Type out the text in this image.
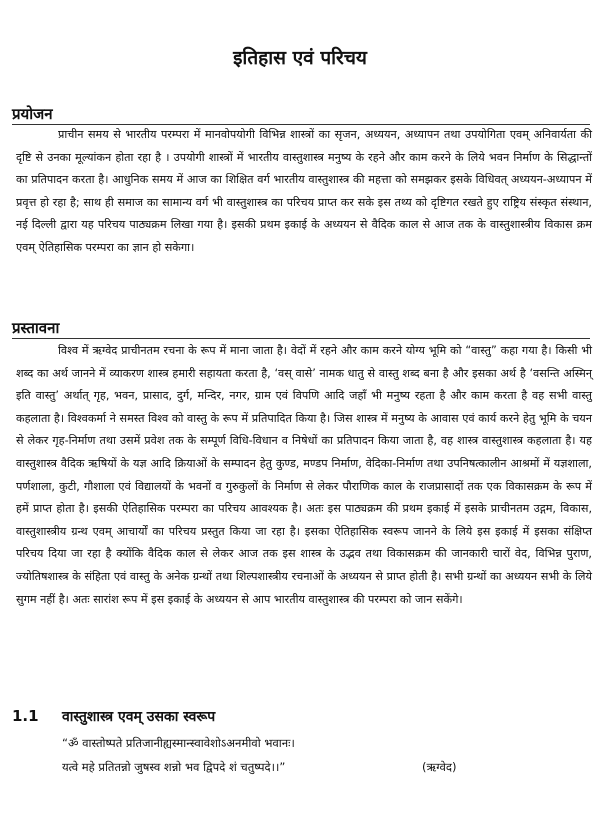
इतिहास एवं परिचय
प्रयोजन

प्राचीन समय से भारतीय परम्परा में मानवोपयोगी विभिन्न शास्त्रों का सृजन, अध्ययन, अध्यापन तथा उपयोगिता एवम् अनिवार्यता की दृष्टि से उनका मूल्यांकन होता रहा है । उपयोगी शास्त्रों में भारतीय वास्तुशास्त्र मनुष्य के रहने और काम करने के लिये भवन निर्माण के सिद्धान्तों का प्रतिपादन करता है। आधुनिक समय में आज का शिक्षित वर्ग भारतीय वास्तुशास्त्र की महत्ता को समझकर इसके विधिवत् अध्ययन-अध्यापन में प्रवृत्त हो रहा है; साथ ही समाज का सामान्य वर्ग भी वास्तुशास्त्र का परिचय प्राप्त कर सके इस तथ्य को दृष्टिगत रखते हुए राष्ट्रिय संस्कृत संस्थान, नई दिल्ली द्वारा यह परिचय पाठ्यक्रम लिखा गया है। इसकी प्रथम इकाई के अध्ययन से वैदिक काल से आज तक के वास्तुशास्त्रीय विकास क्रम एवम् ऐतिहासिक परम्परा का ज्ञान हो सकेगा।

प्रस्तावना

विश्व में ऋग्वेद प्राचीनतम रचना के रूप में माना जाता है। वेदों में रहने और काम करने योग्य भूमि को “वास्तु” कहा गया है। किसी भी शब्द का अर्थ जानने में व्याकरण शास्त्र हमारी सहायता करता है, ‘वस् वासे’ नामक धातु से वास्तु शब्द बना है और इसका अर्थ है ‘वसन्ति अस्मिन् इति वास्तु’ अर्थात् गृह, भवन, प्रासाद, दुर्ग, मन्दिर, नगर, ग्राम एवं विपणि आदि जहाँ भी मनुष्य रहता है और काम करता है वह सभी वास्तु कहलाता है। विश्वकर्मा ने समस्त विश्व को वास्तु के रूप में प्रतिपादित किया है। जिस शास्त्र में मनुष्य के आवास एवं कार्य करने हेतु भूमि के चयन से लेकर गृह-निर्माण तथा उसमें प्रवेश तक के सम्पूर्ण विधि-विधान व निषेधों का प्रतिपादन किया जाता है, वह शास्त्र वास्तुशास्त्र कहलाता है। यह वास्तुशास्त्र वैदिक ऋषियों के यज्ञ आदि क्रियाओं के सम्पादन हेतु कुण्ड, मण्डप निर्माण, वेदिका-निर्माण तथा उपनिषत्कालीन आश्रमों में यज्ञशाला, पर्णशाला, कुटी, गौशाला एवं विद्यालयों के भवनों व गुरुकुलों के निर्माण से लेकर पौराणिक काल के राजप्रासादों तक एक विकासक्रम के रूप में हमें प्राप्त होता है। इसकी ऐतिहासिक परम्परा का परिचय आवश्यक है। अतः इस पाठ्यक्रम की प्रथम इकाई में इसके प्राचीनतम उद्गम, विकास, वास्तुशास्त्रीय ग्रन्थ एवम् आचार्यों का परिचय प्रस्तुत किया जा रहा है। इसका ऐतिहासिक स्वरूप जानने के लिये इस इकाई में इसका संक्षिप्त परिचय दिया जा रहा है क्योंकि वैदिक काल से लेकर आज तक इस शास्त्र के उद्भव तथा विकासक्रम की जानकारी चारों वेद, विभिन्न पुराण, ज्योतिषशास्त्र के संहिता एवं वास्तु के अनेक ग्रन्थों तथा शिल्पशास्त्रीय रचनाओं के अध्ययन से प्राप्त होती है। सभी ग्रन्थों का अध्ययन सभी के लिये सुगम नहीं है। अतः सारांश रूप में इस इकाई के अध्ययन से आप भारतीय वास्तुशास्त्र की परम्परा को जान सकेंगे।

1.1 वास्तुशास्त्र एवम् उसका स्वरूप

“ॐ वास्तोष्पते प्रतिजानीह्यस्मान्स्वावेशोऽअनमीवो भवानः।

यत्वे महे प्रतितन्नो जुषस्व शन्नो भव द्विपदे शं चतुष्पदे।।”	(ऋग्वेद)
